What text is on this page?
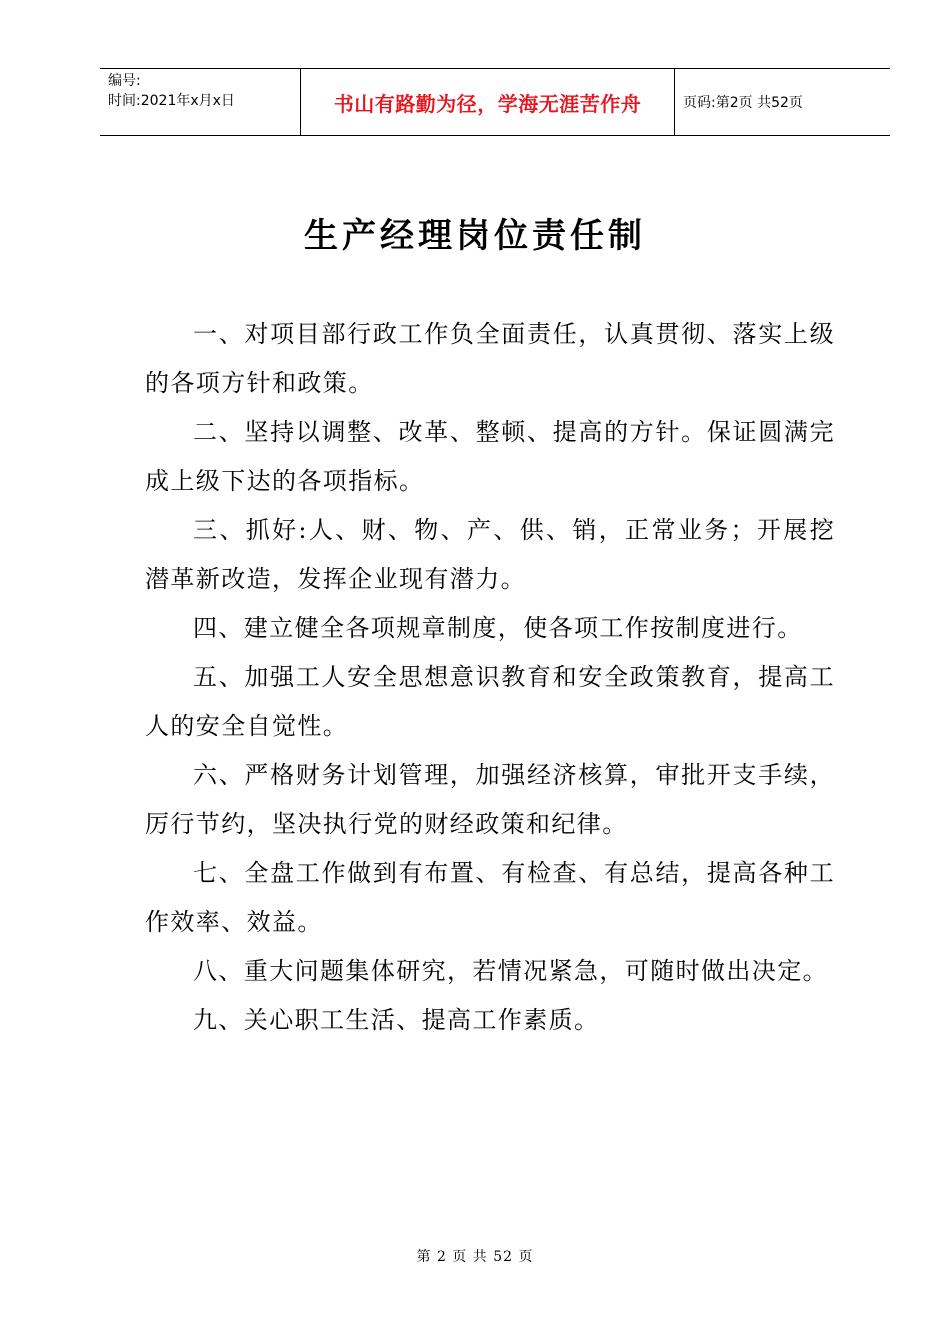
编号:
时间:2021年x月x日	书山有路勤为径，学海无涯苦作舟	页码:第2页 共52页
生产经理岗位责任制

一、对项目部行政工作负全面责任，认真贯彻、落实上级的各项方针和政策。

二、坚持以调整、改革、整顿、提高的方针。保证圆满完成上级下达的各项指标。

三、抓好:人、财、物、产、供、销，正常业务；开展挖潜革新改造，发挥企业现有潜力。

四、建立健全各项规章制度，使各项工作按制度进行。

五、加强工人安全思想意识教育和安全政策教育，提高工人的安全自觉性。

六、严格财务计划管理，加强经济核算，审批开支手续，厉行节约，坚决执行党的财经政策和纪律。

七、全盘工作做到有布置、有检查、有总结，提高各种工作效率、效益。

八、重大问题集体研究，若情况紧急，可随时做出决定。

九、关心职工生活、提高工作素质。

第 2 页 共 52 页
